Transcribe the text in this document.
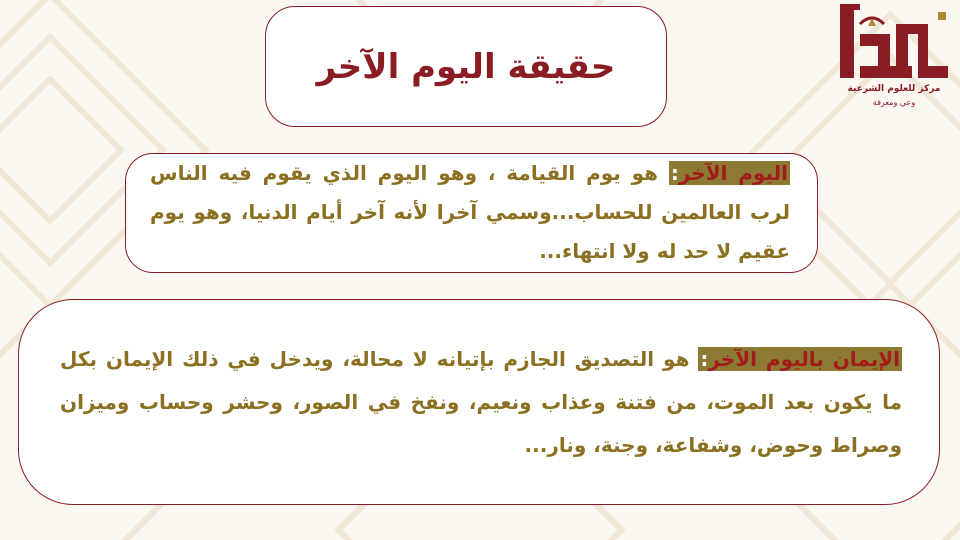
مركز للعلوم الشرعية
وعي ومعرفة
حقيقة اليوم الآخر
اليوم الآخر: هو يوم القيامة ، وهو اليوم الذي يقوم فيه الناس لرب العالمين للحساب...وسمي آخرا لأنه آخر أيام الدنيا، وهو يوم عقيم لا حد له ولا انتهاء...
الإيمان باليوم الآخر: هو التصديق الجازم بإتيانه لا محالة، ويدخل في ذلك الإيمان بكل ما يكون بعد الموت، من فتنة وعذاب ونعيم، ونفخ في الصور، وحشر وحساب وميزان وصراط وحوض، وشفاعة، وجنة، ونار...
